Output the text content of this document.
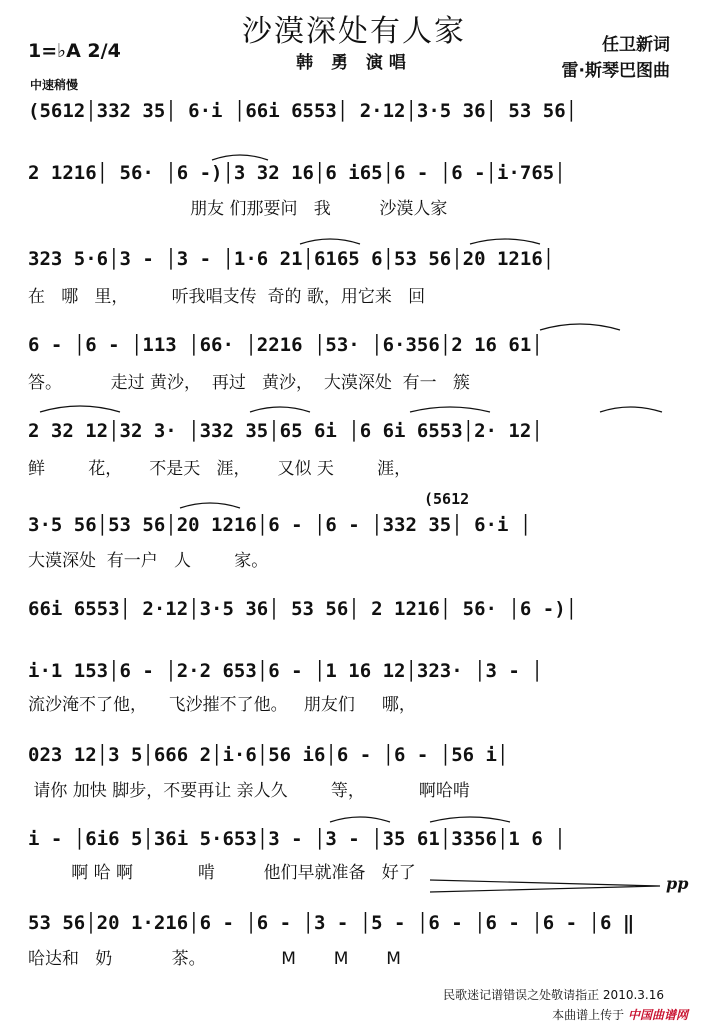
沙漠深处有人家
韩 勇 演唱
1=♭A 2/4
中速稍慢
任卫新词
雷·斯琴巴图曲
(5612│332 35│ 6·i │66i 6553│ 2·12│3·5 36│ 53 56│
2 1216│ 56· │6 -)│3 32 16│6 i65│6 - │6 -│i·765│
朋友 们那要问   我         沙漠人家
323 5·6│3 - │3 - │1·6 21│6165 6│53 56│20 1216│
在   哪   里，        听我唱支传  奇的 歌，用它来   回
6 - │6 - │113 │66· │2216 │53· │6·356│2 16 61│
答。         走过 黄沙，  再过   黄沙，  大漠深处  有一   簇
2 32 12│32 3· │332 35│65 6i │6 6i 6553│2· 12│
鲜        花，     不是天   涯，     又似 天        涯，
(5612
3·5 56│53 56│20 1216│6 - │6 - │332 35│ 6·i │
大漠深处  有一户   人        家。
66i 6553│ 2·12│3·5 36│ 53 56│ 2 1216│ 56· │6 -)│
i·1 153│6 - │2·2 653│6 - │1 16 12│323· │3 - │
流沙淹不了他，    飞沙摧不了他。   朋友们     哪，
023 12│3 5│666 2│i·6│56 i6│6 - │6 - │56 i│
请你 加快 脚步，不要再让 亲人久        等，          啊哈啃
i - │6i6 5│36i 5·653│3 - │3 - │35 61│3356│1 6 │
啊 哈 啊            啃         他们早就准备   好了
53 56│20 1·216│6 - │6 - │3 - │5 - │6 - │6 - │6 - │6 ‖
哈达和   奶           茶。              M       M       M
pp
民歌迷记谱错误之处敬请指正 2010.3.16
本曲谱上传于 中国曲谱网
